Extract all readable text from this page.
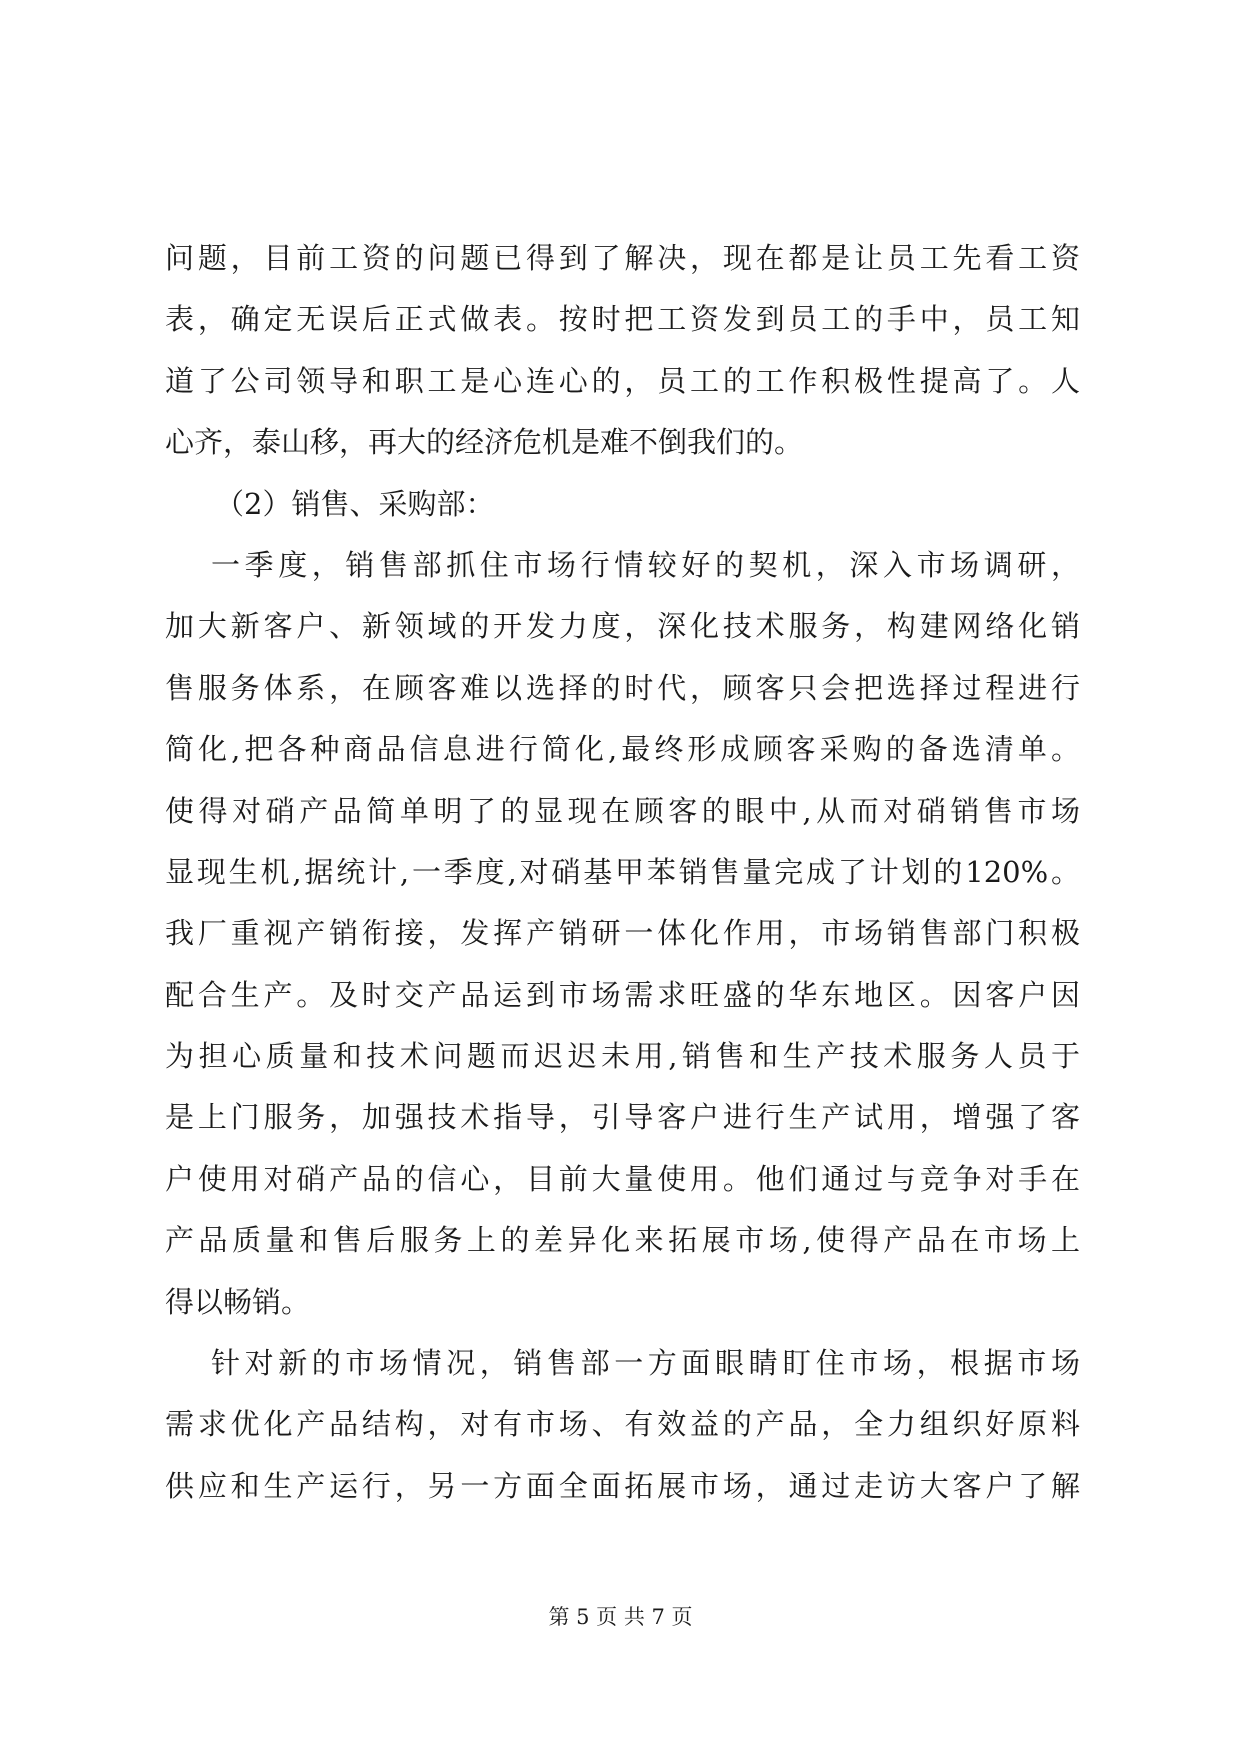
问题，目前工资的问题已得到了解决，现在都是让员工先看工资
表，确定无误后正式做表。按时把工资发到员工的手中，员工知
道了公司领导和职工是心连心的，员工的工作积极性提高了。人
心齐，泰山移，再大的经济危机是难不倒我们的。
（2）销售、采购部：
一季度，销售部抓住市场行情较好的契机，深入市场调研，
加大新客户、新领域的开发力度，深化技术服务，构建网络化销
售服务体系，在顾客难以选择的时代，顾客只会把选择过程进行
简化,把各种商品信息进行简化,最终形成顾客采购的备选清单。
使得对硝产品简单明了的显现在顾客的眼中,从而对硝销售市场
显现生机,据统计,一季度,对硝基甲苯销售量完成了计划的120%。
我厂重视产销衔接，发挥产销研一体化作用，市场销售部门积极
配合生产。及时交产品运到市场需求旺盛的华东地区。因客户因
为担心质量和技术问题而迟迟未用,销售和生产技术服务人员于
是上门服务，加强技术指导，引导客户进行生产试用，增强了客
户使用对硝产品的信心，目前大量使用。他们通过与竞争对手在
产品质量和售后服务上的差异化来拓展市场,使得产品在市场上
得以畅销。
针对新的市场情况，销售部一方面眼睛盯住市场，根据市场
需求优化产品结构，对有市场、有效益的产品，全力组织好原料
供应和生产运行，另一方面全面拓展市场，通过走访大客户了解
第 5 页 共 7 页
